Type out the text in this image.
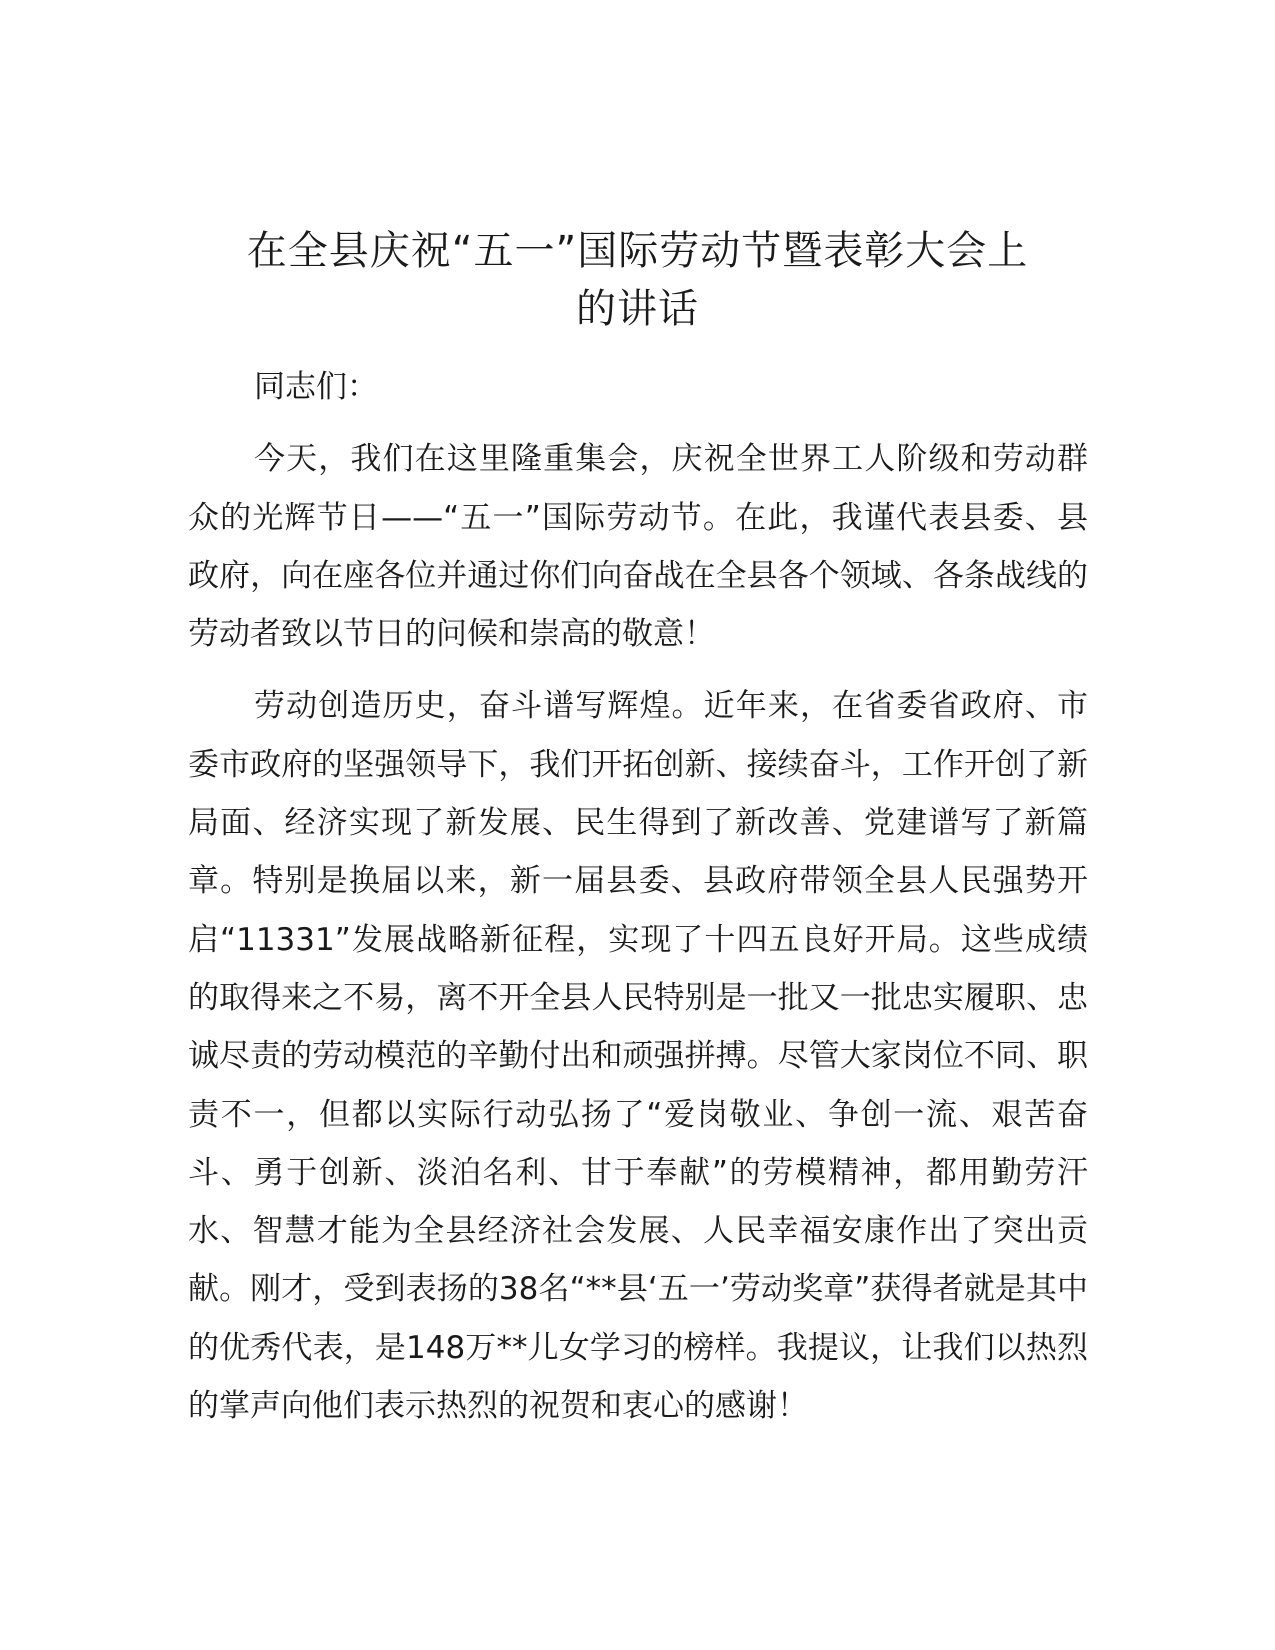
在全县庆祝“五一”国际劳动节暨表彰大会上
的讲话

同志们：

今天，我们在这里隆重集会，庆祝全世界工人阶级和劳动群众的光辉节日——“五一”国际劳动节。在此，我谨代表县委、县政府，向在座各位并通过你们向奋战在全县各个领域、各条战线的劳动者致以节日的问候和崇高的敬意！

劳动创造历史，奋斗谱写辉煌。近年来，在省委省政府、市委市政府的坚强领导下，我们开拓创新、接续奋斗，工作开创了新局面、经济实现了新发展、民生得到了新改善、党建谱写了新篇章。特别是换届以来，新一届县委、县政府带领全县人民强势开启“11331”发展战略新征程，实现了十四五良好开局。这些成绩的取得来之不易，离不开全县人民特别是一批又一批忠实履职、忠诚尽责的劳动模范的辛勤付出和顽强拼搏。尽管大家岗位不同、职责不一，但都以实际行动弘扬了“爱岗敬业、争创一流、艰苦奋斗、勇于创新、淡泊名利、甘于奉献”的劳模精神，都用勤劳汗水、智慧才能为全县经济社会发展、人民幸福安康作出了突出贡献。刚才，受到表扬的38名“**县‘五一’劳动奖章”获得者就是其中的优秀代表，是148万**儿女学习的榜样。我提议，让我们以热烈的掌声向他们表示热烈的祝贺和衷心的感谢！
